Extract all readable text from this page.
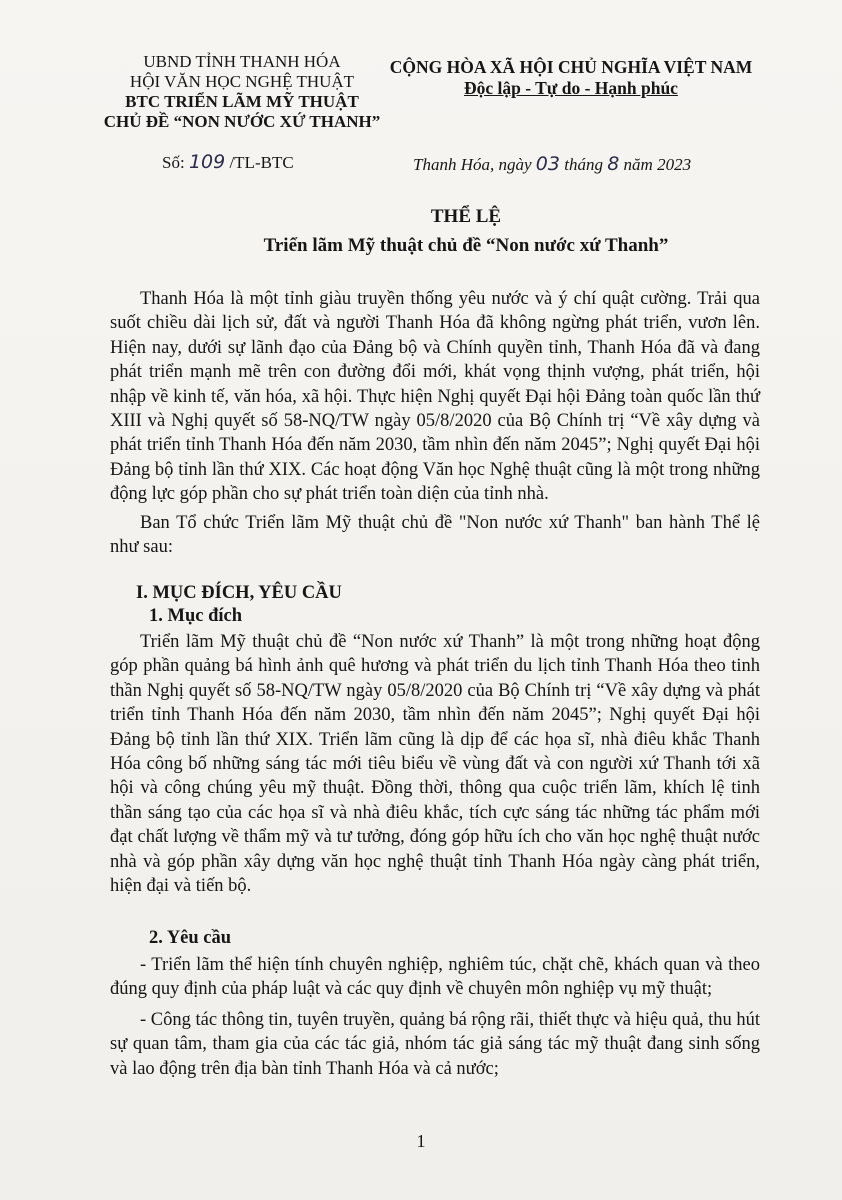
UBND TỈNH THANH HÓA
HỘI VĂN HỌC NGHỆ THUẬT
BTC TRIỂN LÃM MỸ THUẬT
CHỦ ĐỀ “NON NƯỚC XỨ THANH”
CỘNG HÒA XÃ HỘI CHỦ NGHĨA VIỆT NAM
Độc lập - Tự do - Hạnh phúc
Số: 109 /TL-BTC	Thanh Hóa, ngày 03 tháng 8 năm 2023
THỂ LỆ
Triển lãm Mỹ thuật chủ đề “Non nước xứ Thanh”

Thanh Hóa là một tỉnh giàu truyền thống yêu nước và ý chí quật cường. Trải qua suốt chiều dài lịch sử, đất và người Thanh Hóa đã không ngừng phát triển, vươn lên. Hiện nay, dưới sự lãnh đạo của Đảng bộ và Chính quyền tỉnh, Thanh Hóa đã và đang phát triển mạnh mẽ trên con đường đổi mới, khát vọng thịnh vượng, phát triển, hội nhập về kinh tế, văn hóa, xã hội. Thực hiện Nghị quyết Đại hội Đảng toàn quốc lần thứ XIII và Nghị quyết số 58-NQ/TW ngày 05/8/2020 của Bộ Chính trị “Về xây dựng và phát triển tỉnh Thanh Hóa đến năm 2030, tầm nhìn đến năm 2045”; Nghị quyết Đại hội Đảng bộ tỉnh lần thứ XIX. Các hoạt động Văn học Nghệ thuật cũng là một trong những động lực góp phần cho sự phát triển toàn diện của tỉnh nhà.

Ban Tổ chức Triển lãm Mỹ thuật chủ đề "Non nước xứ Thanh" ban hành Thể lệ như sau:

I. MỤC ĐÍCH, YÊU CẦU
1. Mục đích

Triển lãm Mỹ thuật chủ đề “Non nước xứ Thanh” là một trong những hoạt động góp phần quảng bá hình ảnh quê hương và phát triển du lịch tỉnh Thanh Hóa theo tinh thần Nghị quyết số 58-NQ/TW ngày 05/8/2020 của Bộ Chính trị “Về xây dựng và phát triển tỉnh Thanh Hóa đến năm 2030, tầm nhìn đến năm 2045”; Nghị quyết Đại hội Đảng bộ tỉnh lần thứ XIX. Triển lãm cũng là dịp để các họa sĩ, nhà điêu khắc Thanh Hóa công bố những sáng tác mới tiêu biểu về vùng đất và con người xứ Thanh tới xã hội và công chúng yêu mỹ thuật. Đồng thời, thông qua cuộc triển lãm, khích lệ tinh thần sáng tạo của các họa sĩ và nhà điêu khắc, tích cực sáng tác những tác phẩm mới đạt chất lượng về thẩm mỹ và tư tưởng, đóng góp hữu ích cho văn học nghệ thuật nước nhà và góp phần xây dựng văn học nghệ thuật tỉnh Thanh Hóa ngày càng phát triển, hiện đại và tiến bộ.

2. Yêu cầu

- Triển lãm thể hiện tính chuyên nghiệp, nghiêm túc, chặt chẽ, khách quan và theo đúng quy định của pháp luật và các quy định về chuyên môn nghiệp vụ mỹ thuật;

- Công tác thông tin, tuyên truyền, quảng bá rộng rãi, thiết thực và hiệu quả, thu hút sự quan tâm, tham gia của các tác giả, nhóm tác giả sáng tác mỹ thuật đang sinh sống và lao động trên địa bàn tỉnh Thanh Hóa và cả nước;

1
